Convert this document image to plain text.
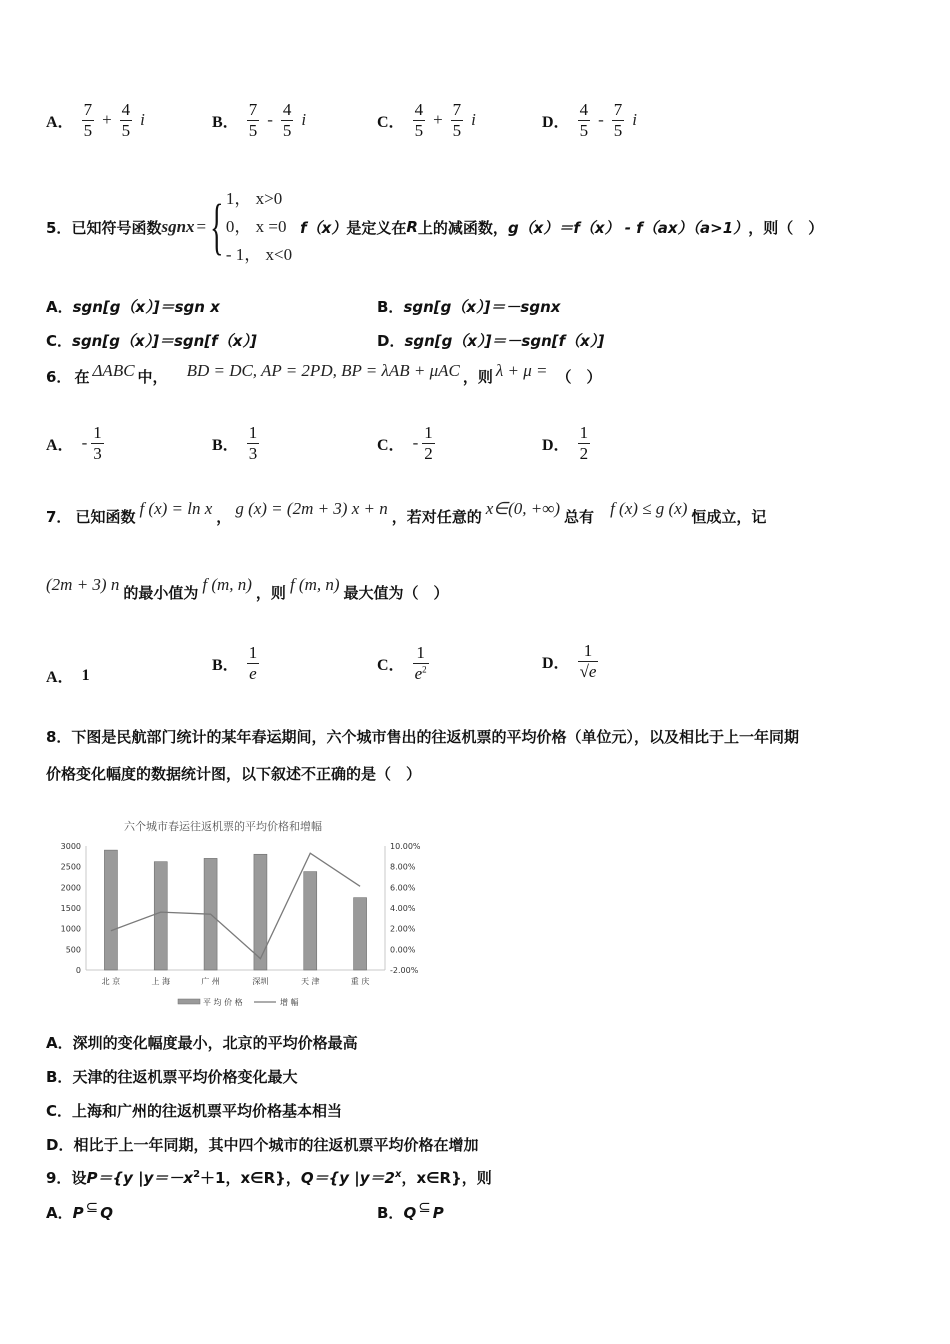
A． $\frac{7}{5} + \frac{4}{5}$ i	B． $\frac{7}{5} - \frac{4}{5}$ i	C． $\frac{4}{5} + \frac{7}{5}$ i	D． $\frac{4}{5} - \frac{7}{5}$ i
5． 已知符号函数 sgnx = { 1， x>0
0， x =0
- 1， x<0
f（x） 是定义在 R 上的减函数， g（x）＝f（x） - f（ax）（a>1） ，则（　）
A．sgn[g（x）]＝sgn x	B．sgn[g（x）]＝－sgnx
C．sgn[g（x）]＝sgn[f（x）]	D．sgn[g（x）]＝－sgn[f（x）]
6． 在 ΔABC 中， BD = DC, AP = 2PD, BP = λAB + μAC ，则 λ + μ = （　）
A． - $\frac{1}{3}$	B． $\frac{1}{3}$	C． - $\frac{1}{2}$	D． $\frac{1}{2}$
7． 已知函数 f (x) = ln x ， g (x) = (2m + 3) x + n ，若对任意的 x∈(0, +∞) 总有 f (x) ≤ g (x) 恒成立，记
(2m + 3) n 的最小值为 f (m, n) ，则 f (m, n) 最大值为（　）
A． 1
B． $\frac{1}{e}$	C． $\frac{1}{e^2}$	D． $\frac{1}{√e}$
8．下图是民航部门统计的某年春运期间，六个城市售出的往返机票的平均价格（单位元），以及相比于上一年同期
价格变化幅度的数据统计图，以下叙述不正确的是（　）
六个城市春运往返机票的平均价格和增幅
0
500
1000
1500
2000
2500
3000
-2.00%
0.00%
2.00%
4.00%
6.00%
8.00%
10.00%
北 京	上 海	广 州	深圳	天 津	重 庆
平 均 价 格	增 幅
A．深圳的变化幅度最小，北京的平均价格最高
B．天津的往返机票平均价格变化最大
C．上海和广州的往返机票平均价格基本相当
D．相比于上一年同期，其中四个城市的往返机票平均价格在增加
9．设P＝{y $|y=-x^2+1$，x∈R}，Q＝{y $|y=2^x$，x∈R}，则
A．P ⊆ Q	B．Q ⊆ P
